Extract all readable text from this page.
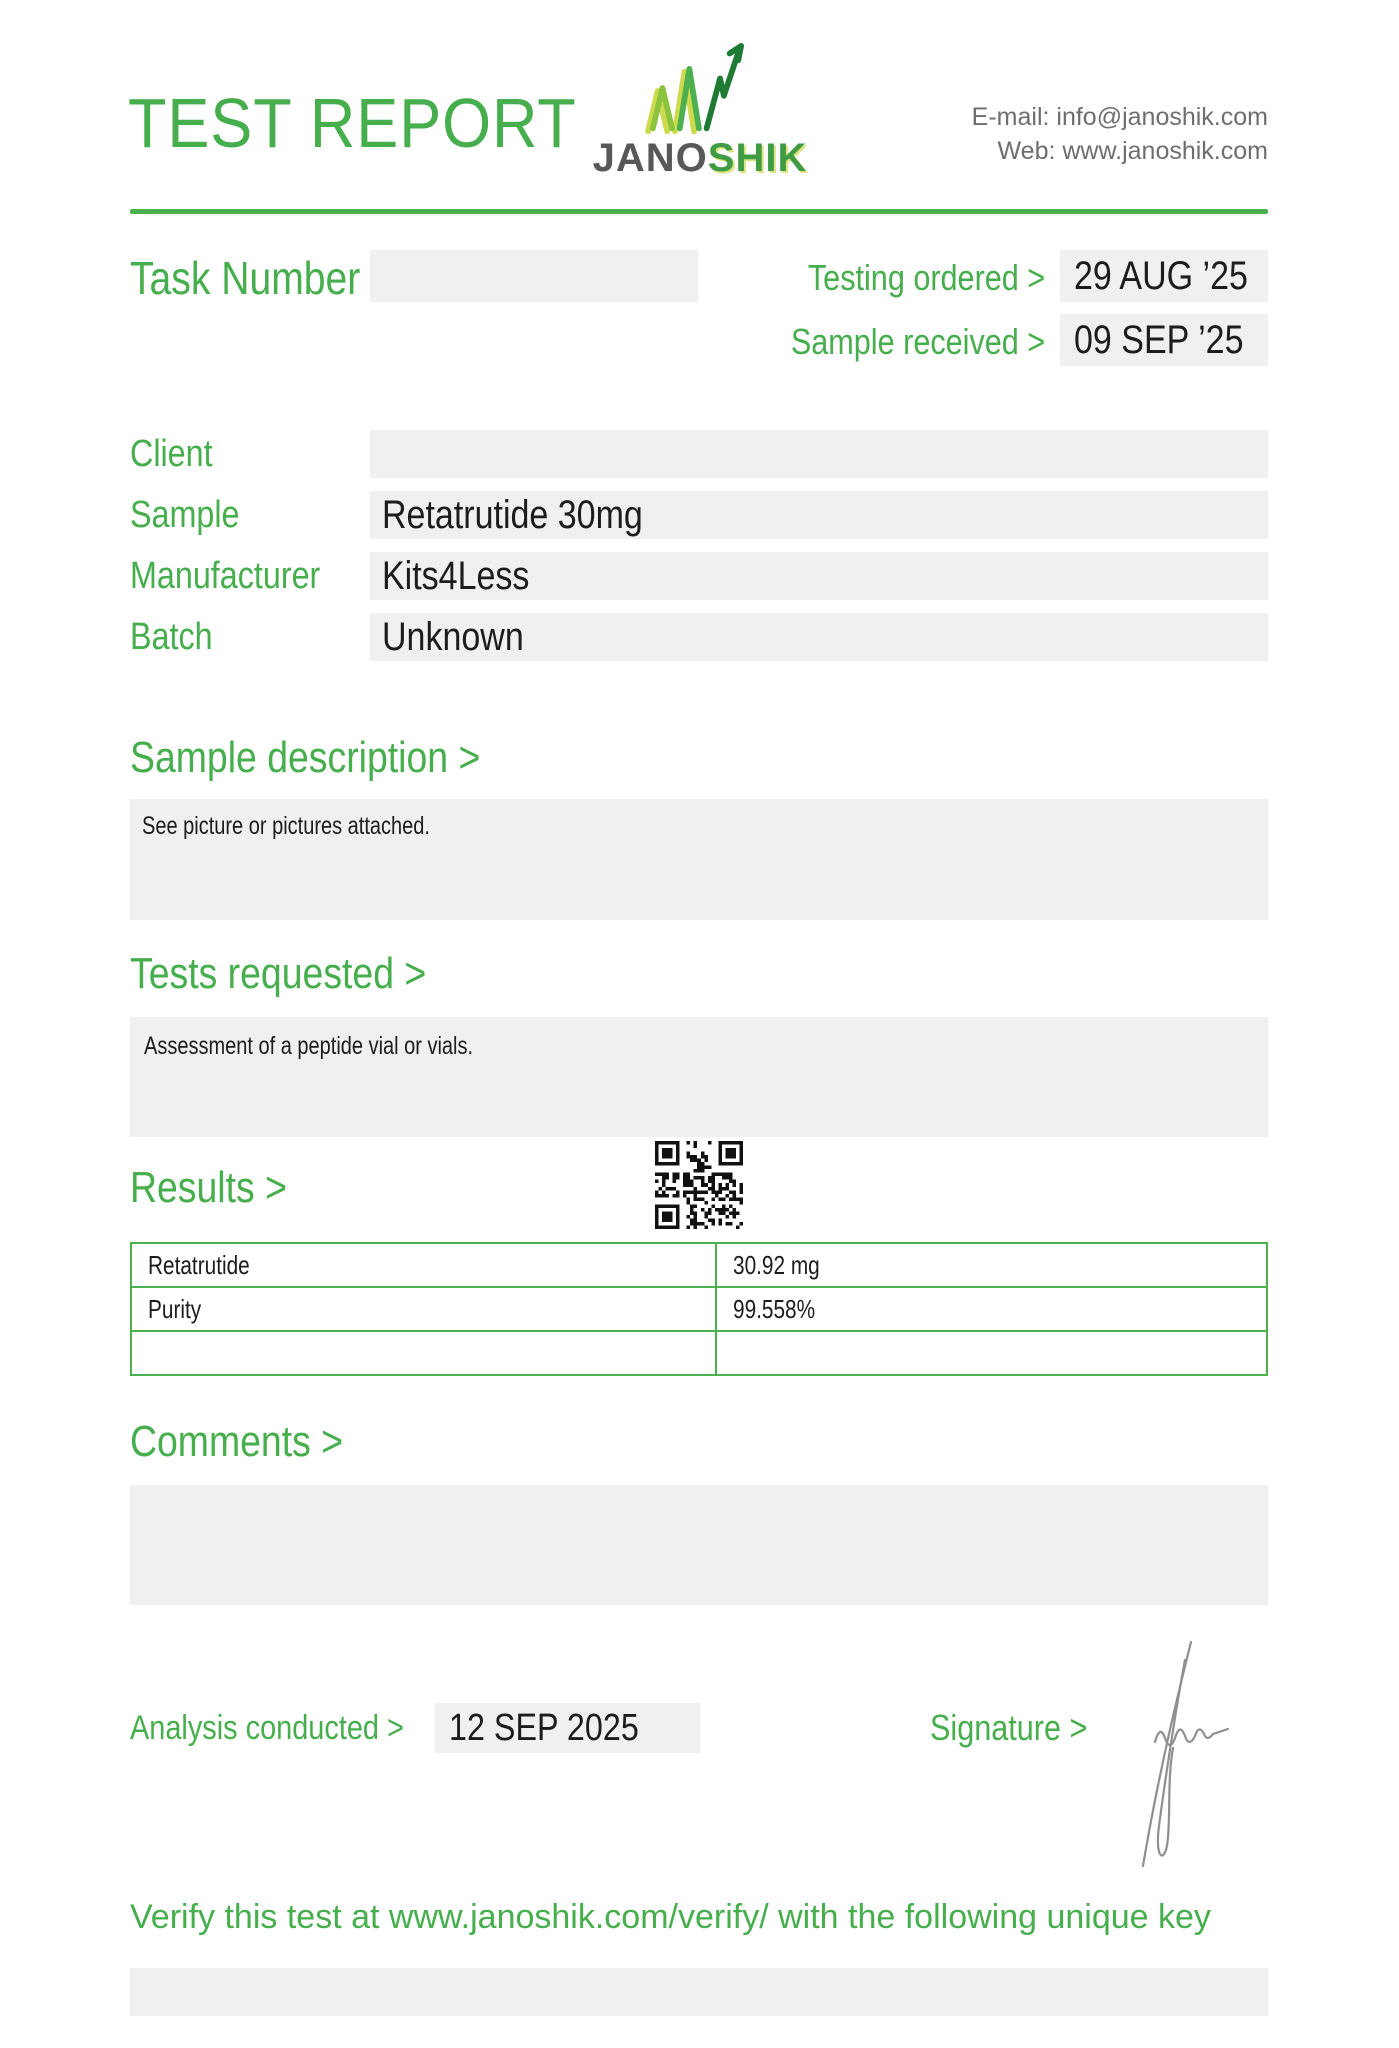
TEST REPORT JANOSHIK
E-mail: info@janoshik.com
Web: www.janoshik.com
Task Number	Testing ordered > 29 AUG ’25
Sample received > 09 SEP ’25
Client
Sample	Retatrutide 30mg
Manufacturer	Kits4Less
Batch	Unknown
Sample description >
See picture or pictures attached.
Tests requested >
Assessment of a peptide vial or vials.
Results >
Retatrutide	30.92 mg
Purity	99.558%

Comments >
Analysis conducted >	12 SEP 2025	Signature >
Verify this test at www.janoshik.com/verify/ with the following unique key
